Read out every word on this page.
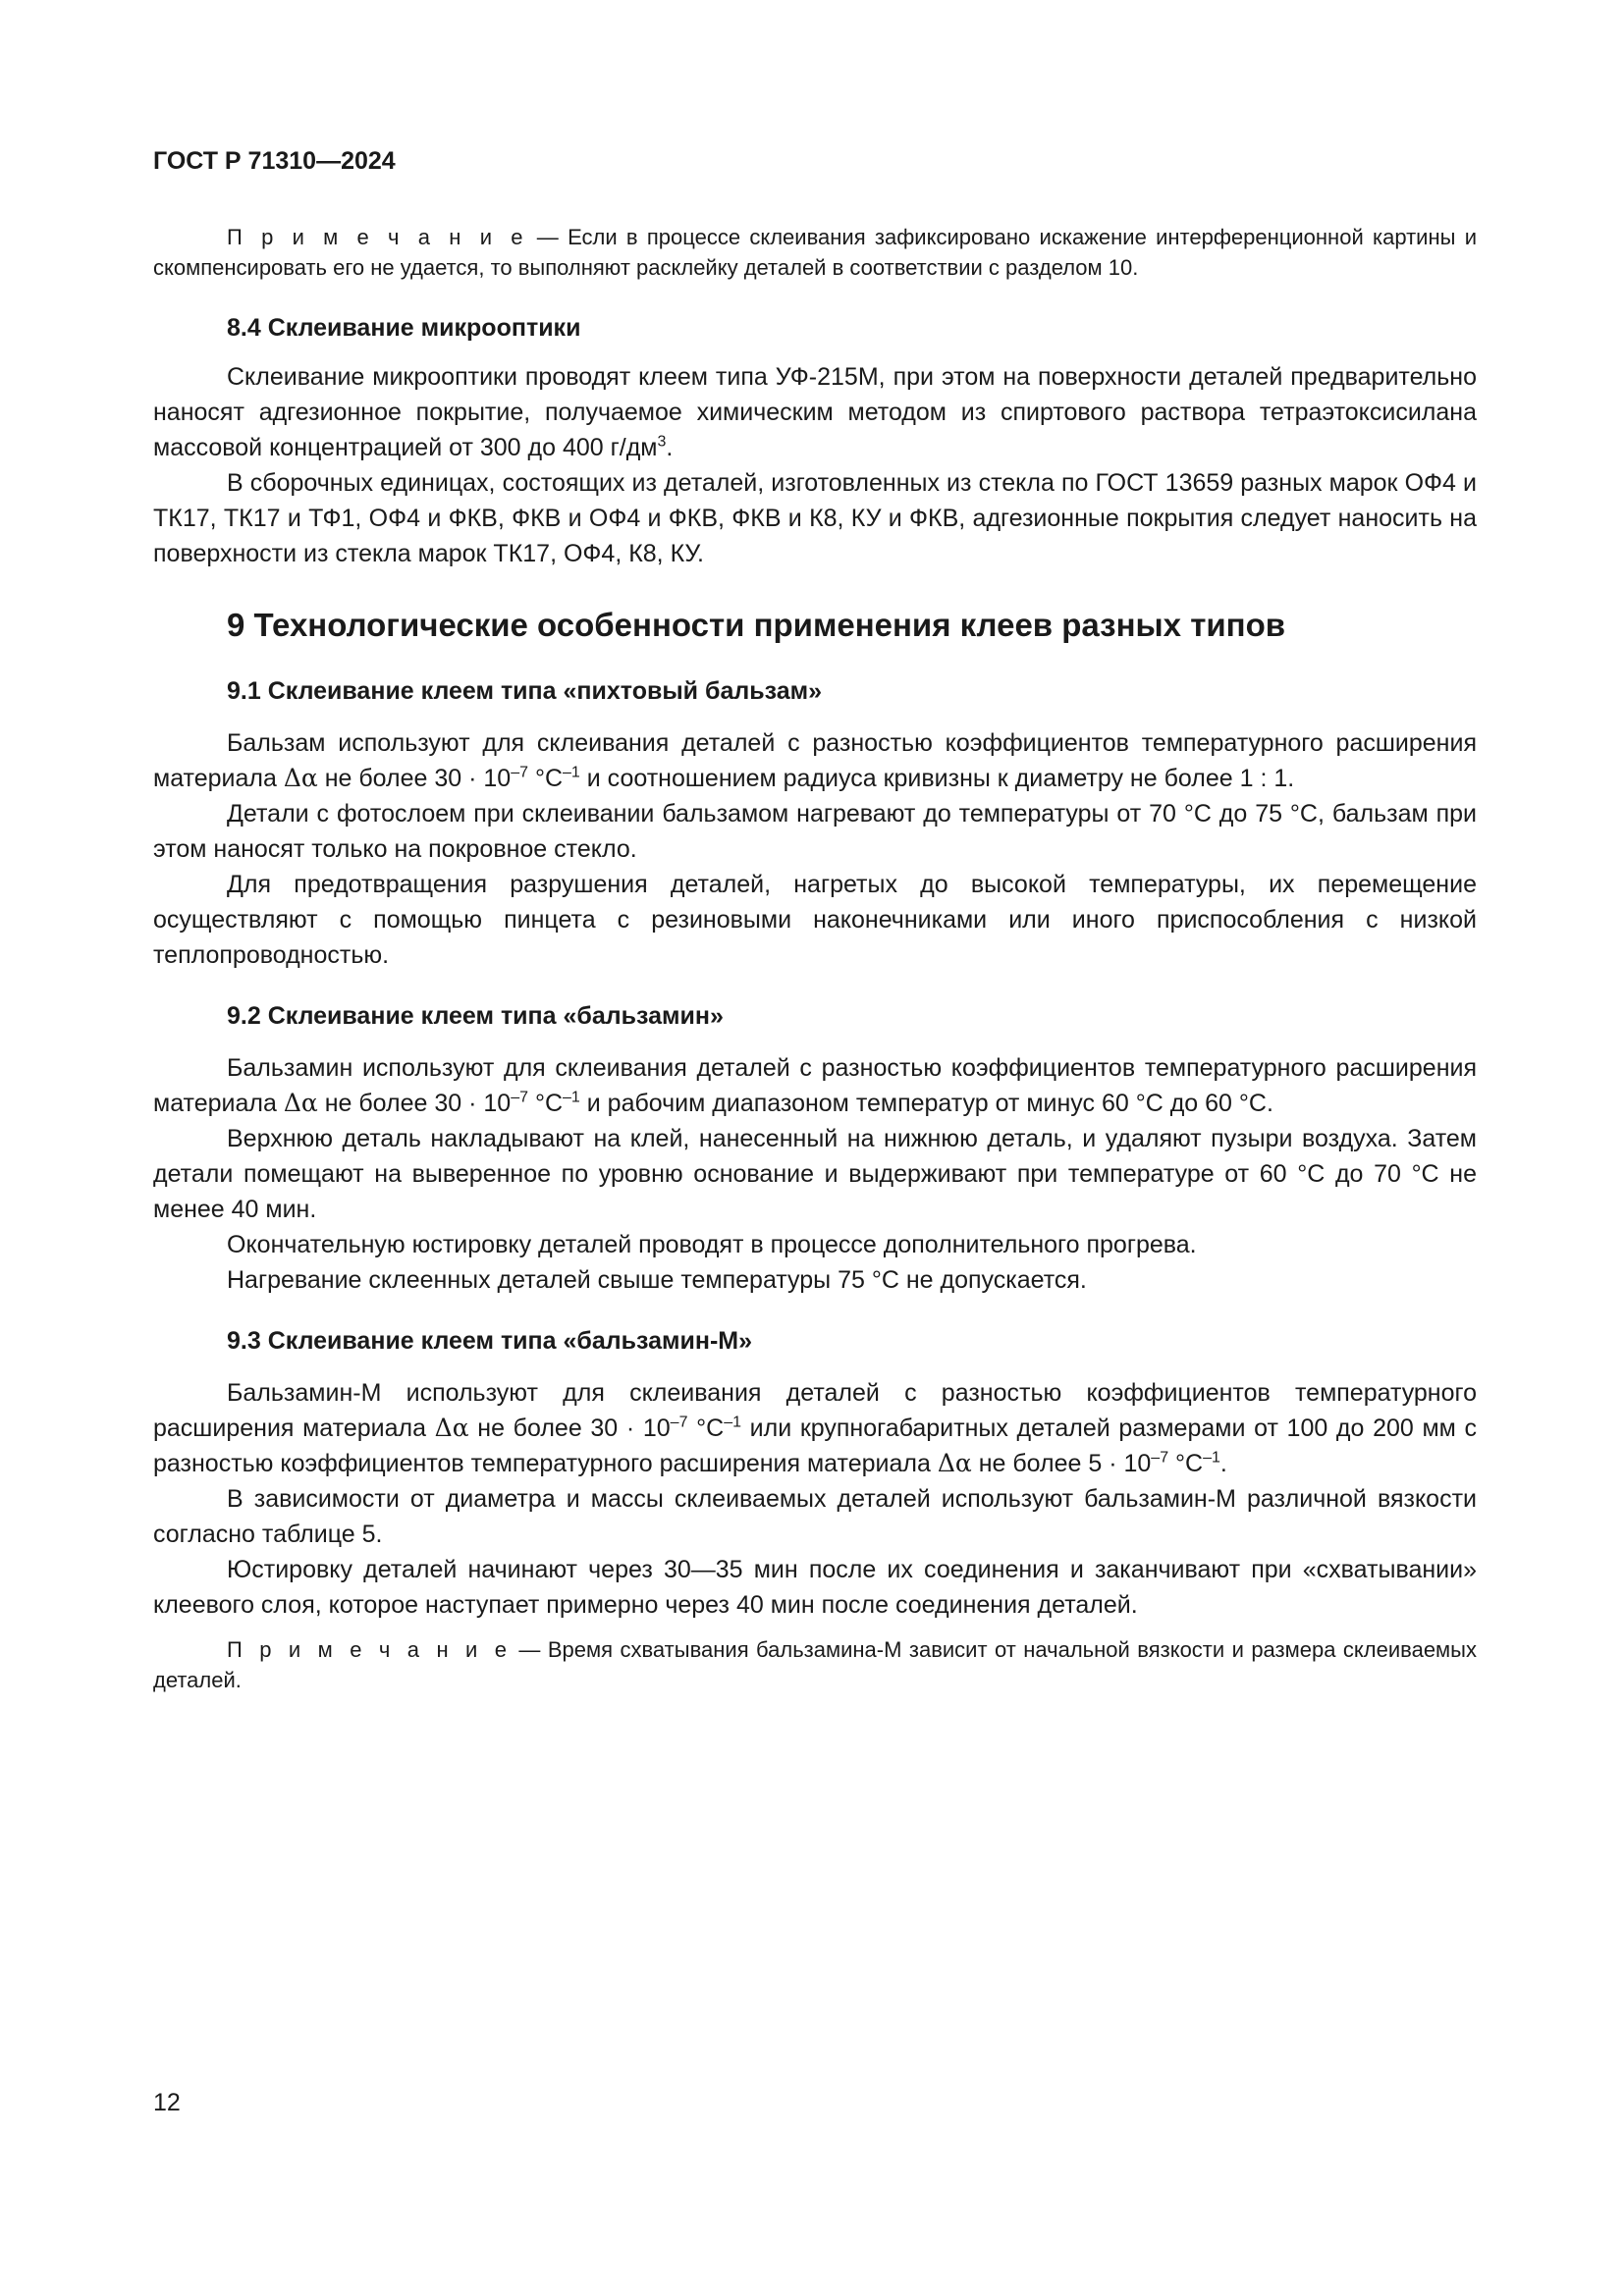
ГОСТ Р 71310—2024

П р и м е ч а н и е — Если в процессе склеивания зафиксировано искажение интерференционной картины и скомпенсировать его не удается, то выполняют расклейку деталей в соответствии с разделом 10.

8.4 Склеивание микрооптики

Склеивание микрооптики проводят клеем типа УФ-215М, при этом на поверхности деталей предварительно наносят адгезионное покрытие, получаемое химическим методом из спиртового раствора тетраэтоксисилана массовой концентрацией от 300 до 400 $г/дм^3$.

В сборочных единицах, состоящих из деталей, изготовленных из стекла по ГОСТ 13659 разных марок ОФ4 и ТК17, ТК17 и ТФ1, ОФ4 и ФКВ, ФКВ и ОФ4 и ФКВ, ФКВ и К8, КУ и ФКВ, адгезионные покрытия следует наносить на поверхности из стекла марок ТК17, ОФ4, К8, КУ.

9 Технологические особенности применения клеев разных типов

9.1 Склеивание клеем типа «пихтовый бальзам»

Бальзам используют для склеивания деталей с разностью коэффициентов температурного расширения материала Δα не более $30 \cdot 10^{-7}$ $^\circ С^{-1}$ и соотношением радиуса кривизны к диаметру не более 1 : 1.

Детали с фотослоем при склеивании бальзамом нагревают до температуры от 70 °С до 75 °С, бальзам при этом наносят только на покровное стекло.

Для предотвращения разрушения деталей, нагретых до высокой температуры, их перемещение осуществляют с помощью пинцета с резиновыми наконечниками или иного приспособления с низкой теплопроводностью.

9.2 Склеивание клеем типа «бальзамин»

Бальзамин используют для склеивания деталей с разностью коэффициентов температурного расширения материала Δα не более $30 \cdot 10^{-7}$ $^\circ С^{-1}$ и рабочим диапазоном температур от минус 60 °С до 60 °С.

Верхнюю деталь накладывают на клей, нанесенный на нижнюю деталь, и удаляют пузыри воздуха. Затем детали помещают на выверенное по уровню основание и выдерживают при температуре от 60 °С до 70 °С не менее 40 мин.

Окончательную юстировку деталей проводят в процессе дополнительного прогрева.

Нагревание склеенных деталей свыше температуры 75 °С не допускается.

9.3 Склеивание клеем типа «бальзамин-М»

Бальзамин-М используют для склеивания деталей с разностью коэффициентов температурного расширения материала Δα не более $30 \cdot 10^{-7}$ $^\circ С^{-1}$ или крупногабаритных деталей размерами от 100 до 200 мм с разностью коэффициентов температурного расширения материала Δα не более $5 \cdot 10^{-7}$ $^\circ С^{-1}$.

В зависимости от диаметра и массы склеиваемых деталей используют бальзамин-М различной вязкости согласно таблице 5.

Юстировку деталей начинают через 30—35 мин после их соединения и заканчивают при «схватывании» клеевого слоя, которое наступает примерно через 40 мин после соединения деталей.

П р и м е ч а н и е — Время схватывания бальзамина-М зависит от начальной вязкости и размера склеиваемых деталей.

12
